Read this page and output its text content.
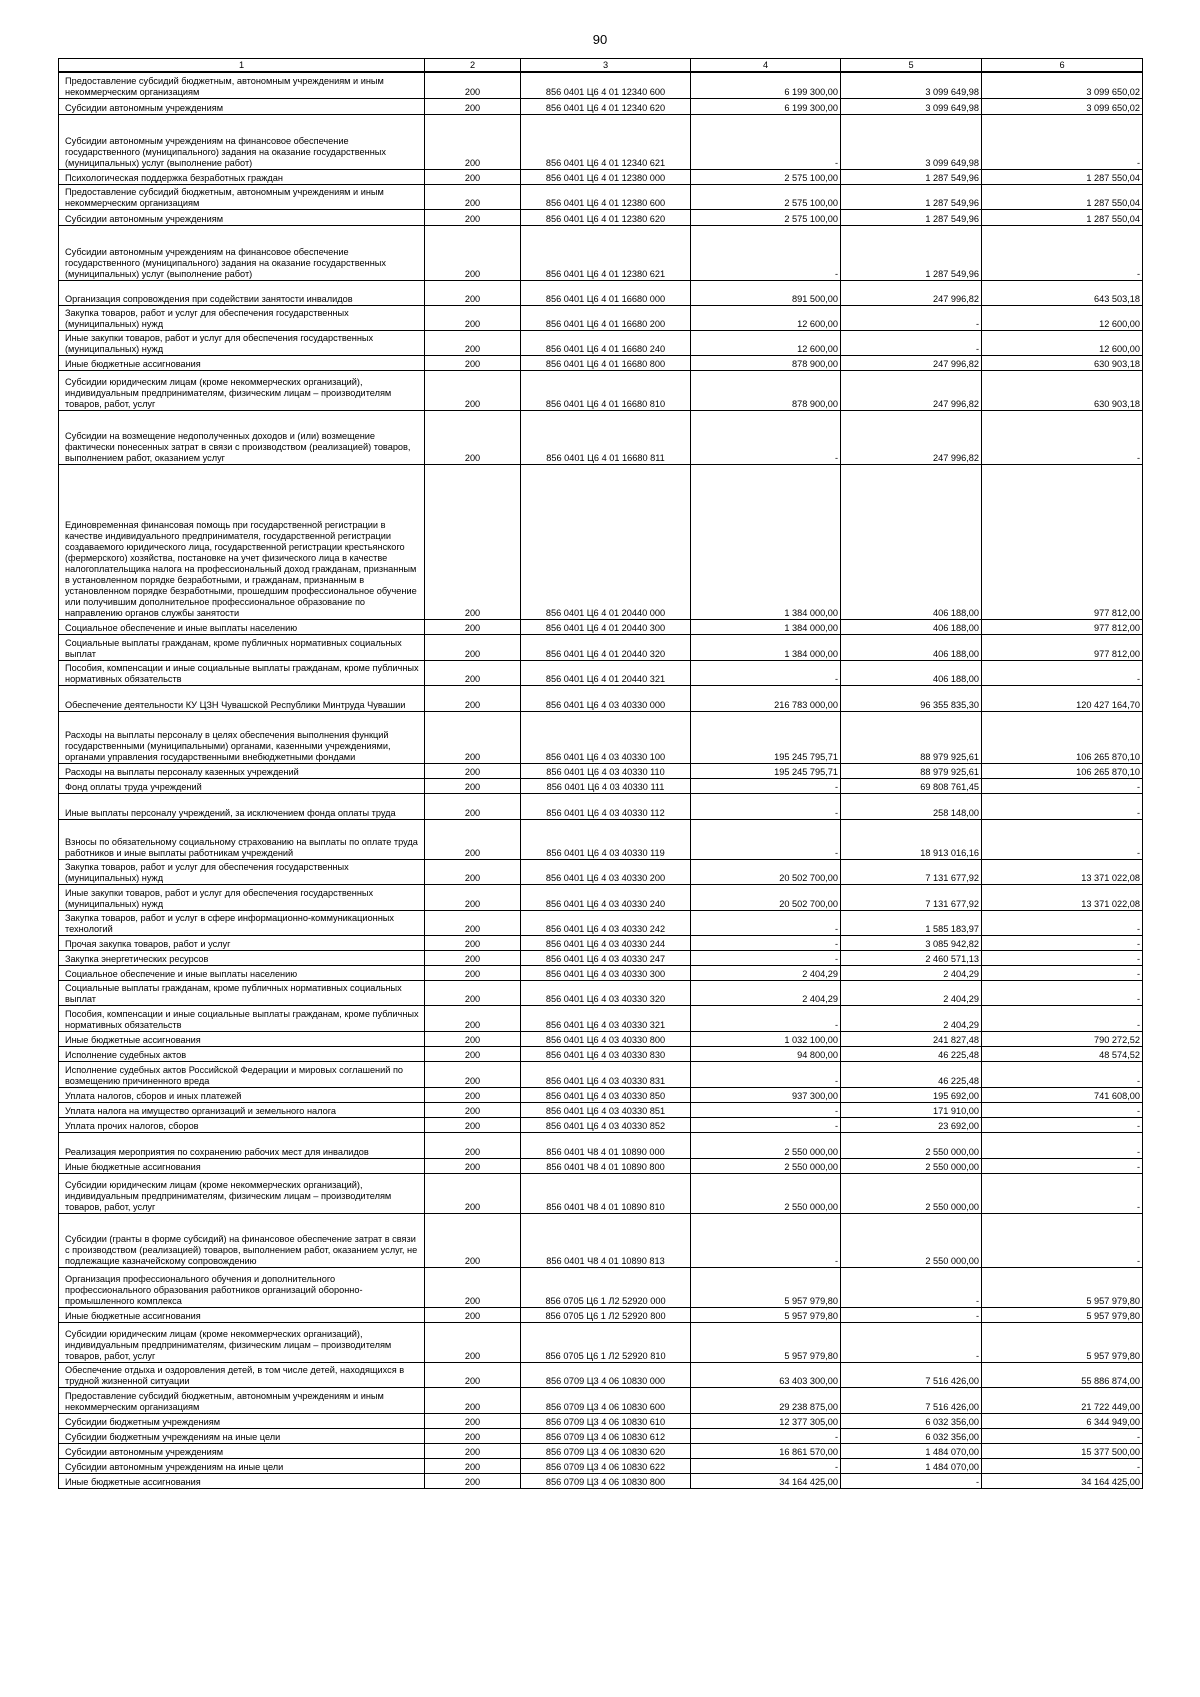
90
1	2	3	4	5	6
Предоставление субсидий бюджетным, автономным учреждениям и иным некоммерческим организациям	200	856 0401 Ц6 4 01 12340 600	6 199 300,00	3 099 649,98	3 099 650,02
Субсидии автономным учреждениям	200	856 0401 Ц6 4 01 12340 620	6 199 300,00	3 099 649,98	3 099 650,02
Субсидии автономным учреждениям на финансовое обеспечение государственного (муниципального) задания на оказание государственных (муниципальных) услуг (выполнение работ)	200	856 0401 Ц6 4 01 12340 621	-	3 099 649,98	-
Психологическая поддержка безработных граждан	200	856 0401 Ц6 4 01 12380 000	2 575 100,00	1 287 549,96	1 287 550,04
Предоставление субсидий бюджетным, автономным учреждениям и иным некоммерческим организациям	200	856 0401 Ц6 4 01 12380 600	2 575 100,00	1 287 549,96	1 287 550,04
Субсидии автономным учреждениям	200	856 0401 Ц6 4 01 12380 620	2 575 100,00	1 287 549,96	1 287 550,04
Субсидии автономным учреждениям на финансовое обеспечение государственного (муниципального) задания на оказание государственных (муниципальных) услуг (выполнение работ)	200	856 0401 Ц6 4 01 12380 621	-	1 287 549,96	-
Организация сопровождения при содействии занятости инвалидов	200	856 0401 Ц6 4 01 16680 000	891 500,00	247 996,82	643 503,18
Закупка товаров, работ и услуг для обеспечения государственных (муниципальных) нужд	200	856 0401 Ц6 4 01 16680 200	12 600,00	-	12 600,00
Иные закупки товаров, работ и услуг для обеспечения государственных (муниципальных) нужд	200	856 0401 Ц6 4 01 16680 240	12 600,00	-	12 600,00
Иные бюджетные ассигнования	200	856 0401 Ц6 4 01 16680 800	878 900,00	247 996,82	630 903,18
Субсидии юридическим лицам (кроме некоммерческих организаций), индивидуальным предпринимателям, физическим лицам – производителям товаров, работ, услуг	200	856 0401 Ц6 4 01 16680 810	878 900,00	247 996,82	630 903,18
Субсидии на возмещение недополученных доходов и (или) возмещение фактически понесенных затрат в связи с производством (реализацией) товаров, выполнением работ, оказанием услуг	200	856 0401 Ц6 4 01 16680 811	-	247 996,82	-
Единовременная финансовая помощь при государственной регистрации в качестве индивидуального предпринимателя, государственной регистрации создаваемого юридического лица, государственной регистрации крестьянского (фермерского) хозяйства, постановке на учет физического лица в качестве налогоплательщика налога на профессиональный доход гражданам, признанным в установленном порядке безработными, и гражданам, признанным в установленном порядке безработными, прошедшим профессиональное обучение или получившим дополнительное профессиональное образование по направлению органов службы занятости	200	856 0401 Ц6 4 01 20440 000	1 384 000,00	406 188,00	977 812,00
Социальное обеспечение и иные выплаты населению	200	856 0401 Ц6 4 01 20440 300	1 384 000,00	406 188,00	977 812,00
Социальные выплаты гражданам, кроме публичных нормативных социальных выплат	200	856 0401 Ц6 4 01 20440 320	1 384 000,00	406 188,00	977 812,00
Пособия, компенсации и иные социальные выплаты гражданам, кроме публичных нормативных обязательств	200	856 0401 Ц6 4 01 20440 321	-	406 188,00	-
Обеспечение деятельности КУ ЦЗН Чувашской Республики Минтруда Чувашии	200	856 0401 Ц6 4 03 40330 000	216 783 000,00	96 355 835,30	120 427 164,70
Расходы на выплаты персоналу в целях обеспечения выполнения функций государственными (муниципальными) органами, казенными учреждениями, органами управления государственными внебюджетными фондами	200	856 0401 Ц6 4 03 40330 100	195 245 795,71	88 979 925,61	106 265 870,10
Расходы на выплаты персоналу казенных учреждений	200	856 0401 Ц6 4 03 40330 110	195 245 795,71	88 979 925,61	106 265 870,10
Фонд оплаты труда учреждений	200	856 0401 Ц6 4 03 40330 111	-	69 808 761,45	-
Иные выплаты персоналу учреждений, за исключением фонда оплаты труда	200	856 0401 Ц6 4 03 40330 112	-	258 148,00	-
Взносы по обязательному социальному страхованию на выплаты по оплате труда работников и иные выплаты работникам учреждений	200	856 0401 Ц6 4 03 40330 119	-	18 913 016,16	-
Закупка товаров, работ и услуг для обеспечения государственных (муниципальных) нужд	200	856 0401 Ц6 4 03 40330 200	20 502 700,00	7 131 677,92	13 371 022,08
Иные закупки товаров, работ и услуг для обеспечения государственных (муниципальных) нужд	200	856 0401 Ц6 4 03 40330 240	20 502 700,00	7 131 677,92	13 371 022,08
Закупка товаров, работ и услуг в сфере информационно-коммуникационных технологий	200	856 0401 Ц6 4 03 40330 242	-	1 585 183,97	-
Прочая закупка товаров, работ и услуг	200	856 0401 Ц6 4 03 40330 244	-	3 085 942,82	-
Закупка энергетических ресурсов	200	856 0401 Ц6 4 03 40330 247	-	2 460 571,13	-
Социальное обеспечение и иные выплаты населению	200	856 0401 Ц6 4 03 40330 300	2 404,29	2 404,29	-
Социальные выплаты гражданам, кроме публичных нормативных социальных выплат	200	856 0401 Ц6 4 03 40330 320	2 404,29	2 404,29	-
Пособия, компенсации и иные социальные выплаты гражданам, кроме публичных нормативных обязательств	200	856 0401 Ц6 4 03 40330 321	-	2 404,29	-
Иные бюджетные ассигнования	200	856 0401 Ц6 4 03 40330 800	1 032 100,00	241 827,48	790 272,52
Исполнение судебных актов	200	856 0401 Ц6 4 03 40330 830	94 800,00	46 225,48	48 574,52
Исполнение судебных актов Российской Федерации и мировых соглашений по возмещению причиненного вреда	200	856 0401 Ц6 4 03 40330 831	-	46 225,48	-
Уплата налогов, сборов и иных платежей	200	856 0401 Ц6 4 03 40330 850	937 300,00	195 692,00	741 608,00
Уплата налога на имущество организаций и земельного налога	200	856 0401 Ц6 4 03 40330 851	-	171 910,00	-
Уплата прочих налогов, сборов	200	856 0401 Ц6 4 03 40330 852	-	23 692,00	-
Реализация мероприятия по сохранению рабочих мест для инвалидов	200	856 0401 Ч8 4 01 10890 000	2 550 000,00	2 550 000,00	-
Иные бюджетные ассигнования	200	856 0401 Ч8 4 01 10890 800	2 550 000,00	2 550 000,00	-
Субсидии юридическим лицам (кроме некоммерческих организаций), индивидуальным предпринимателям, физическим лицам – производителям товаров, работ, услуг	200	856 0401 Ч8 4 01 10890 810	2 550 000,00	2 550 000,00	-
Субсидии (гранты в форме субсидий) на финансовое обеспечение затрат в связи с производством (реализацией) товаров, выполнением работ, оказанием услуг, не подлежащие казначейскому сопровождению	200	856 0401 Ч8 4 01 10890 813	-	2 550 000,00	-
Организация профессионального обучения и дополнительного профессионального образования работников организаций оборонно-промышленного комплекса	200	856 0705 Ц6 1 Л2 52920 000	5 957 979,80	-	5 957 979,80
Иные бюджетные ассигнования	200	856 0705 Ц6 1 Л2 52920 800	5 957 979,80	-	5 957 979,80
Субсидии юридическим лицам (кроме некоммерческих организаций), индивидуальным предпринимателям, физическим лицам – производителям товаров, работ, услуг	200	856 0705 Ц6 1 Л2 52920 810	5 957 979,80	-	5 957 979,80
Обеспечение отдыха и оздоровления детей, в том числе детей, находящихся в трудной жизненной ситуации	200	856 0709 Ц3 4 06 10830 000	63 403 300,00	7 516 426,00	55 886 874,00
Предоставление субсидий бюджетным, автономным учреждениям и иным некоммерческим организациям	200	856 0709 Ц3 4 06 10830 600	29 238 875,00	7 516 426,00	21 722 449,00
Субсидии бюджетным учреждениям	200	856 0709 Ц3 4 06 10830 610	12 377 305,00	6 032 356,00	6 344 949,00
Субсидии бюджетным учреждениям на иные цели	200	856 0709 Ц3 4 06 10830 612	-	6 032 356,00	-
Субсидии автономным учреждениям	200	856 0709 Ц3 4 06 10830 620	16 861 570,00	1 484 070,00	15 377 500,00
Субсидии автономным учреждениям на иные цели	200	856 0709 Ц3 4 06 10830 622	-	1 484 070,00	-
Иные бюджетные ассигнования	200	856 0709 Ц3 4 06 10830 800	34 164 425,00	-	34 164 425,00
